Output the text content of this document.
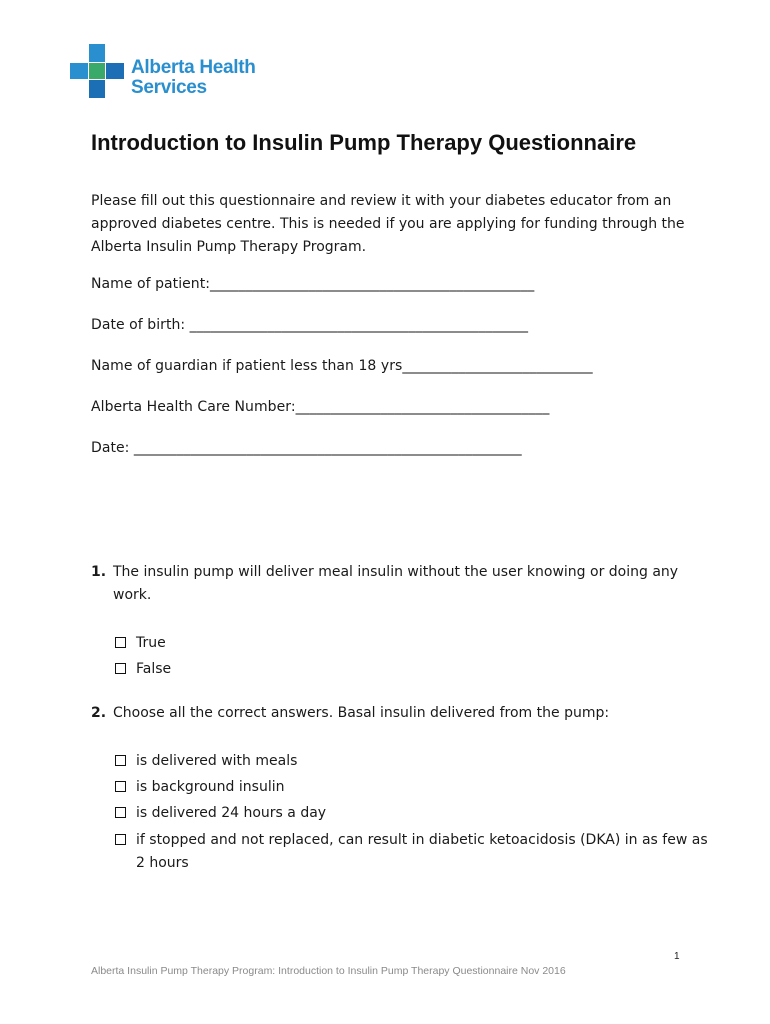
Alberta Health
Services
Introduction to Insulin Pump Therapy Questionnaire
Please fill out this questionnaire and review it with your diabetes educator from an
approved diabetes centre. This is needed if you are applying for funding through the
Alberta Insulin Pump Therapy Program.
Name of patient:______________________________________________
Date of birth: ________________________________________________
Name of guardian if patient less than 18 yrs___________________________
Alberta Health Care Number:____________________________________
Date: _______________________________________________________
1. The insulin pump will deliver meal insulin without the user knowing or doing any
work.
True
False
2. Choose all the correct answers. Basal insulin delivered from the pump:
is delivered with meals
is background insulin
is delivered 24 hours a day
if stopped and not replaced, can result in diabetic ketoacidosis (DKA) in as few as
2 hours
1
Alberta Insulin Pump Therapy Program: Introduction to Insulin Pump Therapy Questionnaire Nov 2016
